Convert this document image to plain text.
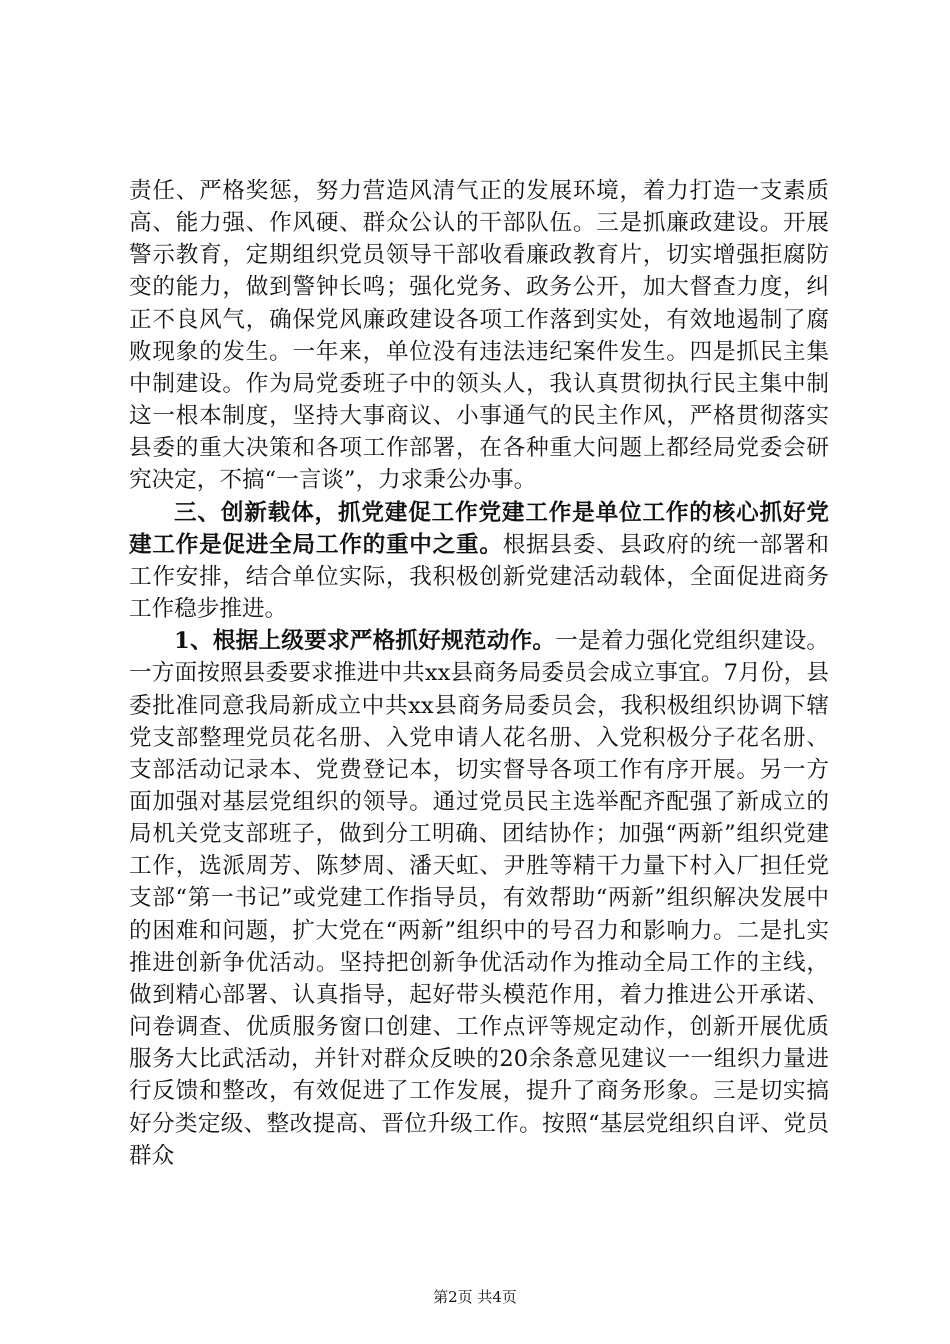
责任、严格奖惩，努力营造风清气正的发展环境，着力打造一支素质高、能力强、作风硬、群众公认的干部队伍。三是抓廉政建设。开展警示教育，定期组织党员领导干部收看廉政教育片，切实增强拒腐防变的能力，做到警钟长鸣；强化党务、政务公开，加大督查力度，纠正不良风气，确保党风廉政建设各项工作落到实处，有效地遏制了腐败现象的发生。一年来，单位没有违法违纪案件发生。四是抓民主集中制建设。作为局党委班子中的领头人，我认真贯彻执行民主集中制这一根本制度，坚持大事商议、小事通气的民主作风，严格贯彻落实县委的重大决策和各项工作部署，在各种重大问题上都经局党委会研究决定，不搞“一言谈”，力求秉公办事。

三、创新载体，抓党建促工作党建工作是单位工作的核心抓好党建工作是促进全局工作的重中之重。根据县委、县政府的统一部署和工作安排，结合单位实际，我积极创新党建活动载体，全面促进商务工作稳步推进。

1、根据上级要求严格抓好规范动作。一是着力强化党组织建设。一方面按照县委要求推进中共xx县商务局委员会成立事宜。7月份，县委批准同意我局新成立中共xx县商务局委员会，我积极组织协调下辖党支部整理党员花名册、入党申请人花名册、入党积极分子花名册、支部活动记录本、党费登记本，切实督导各项工作有序开展。另一方面加强对基层党组织的领导。通过党员民主选举配齐配强了新成立的局机关党支部班子，做到分工明确、团结协作；加强“两新”组织党建工作，选派周芳、陈梦周、潘天虹、尹胜等精干力量下村入厂担任党支部“第一书记”或党建工作指导员，有效帮助“两新”组织解决发展中的困难和问题，扩大党在“两新”组织中的号召力和影响力。二是扎实推进创新争优活动。坚持把创新争优活动作为推动全局工作的主线，做到精心部署、认真指导，起好带头模范作用，着力推进公开承诺、问卷调查、优质服务窗口创建、工作点评等规定动作，创新开展优质服务大比武活动，并针对群众反映的20余条意见建议一一组织力量进行反馈和整改，有效促进了工作发展，提升了商务形象。三是切实搞好分类定级、整改提高、晋位升级工作。按照“基层党组织自评、党员群众

第2页 共4页
